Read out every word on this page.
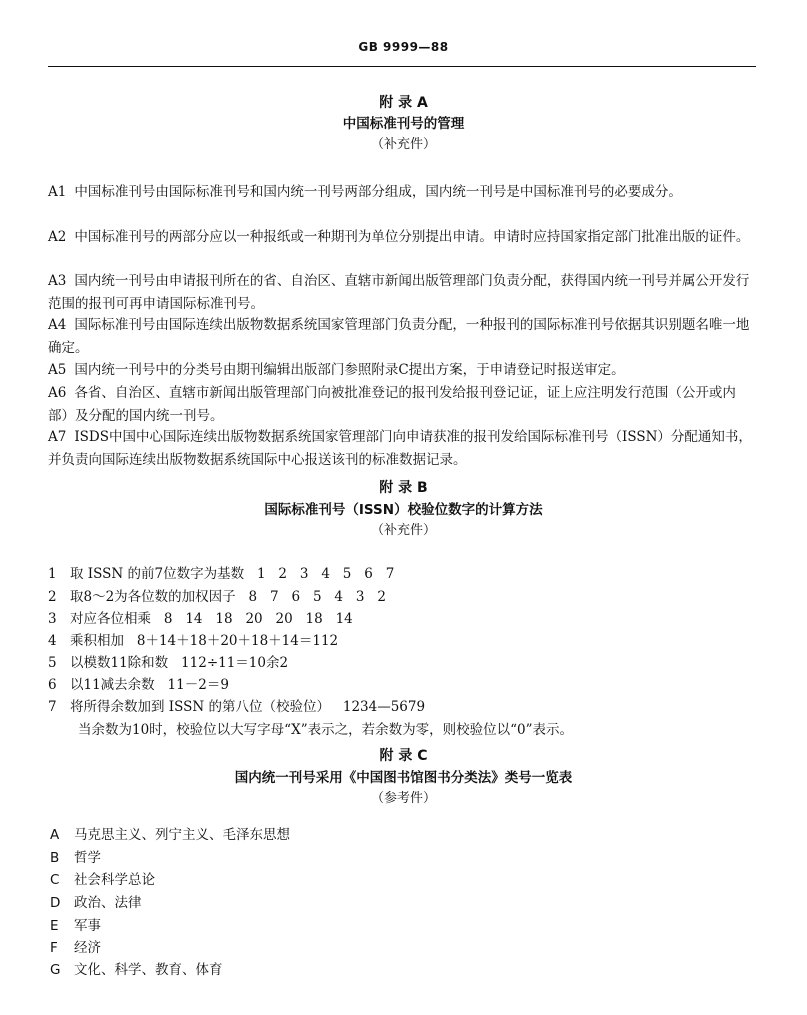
GB 9999—88
附 录 A
中国标准刊号的管理
（补充件）
A1 中国标准刊号由国际标准刊号和国内统一刊号两部分组成，国内统一刊号是中国标准刊号的必要成分。
A2 中国标准刊号的两部分应以一种报纸或一种期刊为单位分别提出申请。申请时应持国家指定部门批准出版的证件。
A3 国内统一刊号由申请报刊所在的省、自治区、直辖市新闻出版管理部门负责分配，获得国内统一刊号并属公开发行范围的报刊可再申请国际标准刊号。
A4 国际标准刊号由国际连续出版物数据系统国家管理部门负责分配，一种报刊的国际标准刊号依据其识别题名唯一地确定。
A5 国内统一刊号中的分类号由期刊编辑出版部门参照附录C提出方案，于申请登记时报送审定。
A6 各省、自治区、直辖市新闻出版管理部门向被批准登记的报刊发给报刊登记证，证上应注明发行范围（公开或内部）及分配的国内统一刊号。
A7 ISDS中国中心国际连续出版物数据系统国家管理部门向申请获准的报刊发给国际标准刊号（ISSN）分配通知书，并负责向国际连续出版物数据系统国际中心报送该刊的标准数据记录。
附 录 B
国际标准刊号（ISSN）校验位数字的计算方法
（补充件）
1 取 ISSN 的前7位数字为基数   1   2   3   4   5   6   7
2 取8～2为各位数的加权因子   8   7   6   5   4   3   2
3 对应各位相乘   8   14   18   20   20   18   14
4 乘积相加   8＋14＋18＋20＋18＋14＝112
5 以模数11除和数   112÷11＝10余2
6 以11减去余数   11－2＝9
7 将所得余数加到 ISSN 的第八位（校验位）   1234—5679
当余数为10时，校验位以大写字母“X”表示之，若余数为零，则校验位以“0”表示。
附 录 C
国内统一刊号采用《中国图书馆图书分类法》类号一览表
（参考件）
A 马克思主义、列宁主义、毛泽东思想
B 哲学
C 社会科学总论
D 政治、法律
E 军事
F 经济
G 文化、科学、教育、体育
